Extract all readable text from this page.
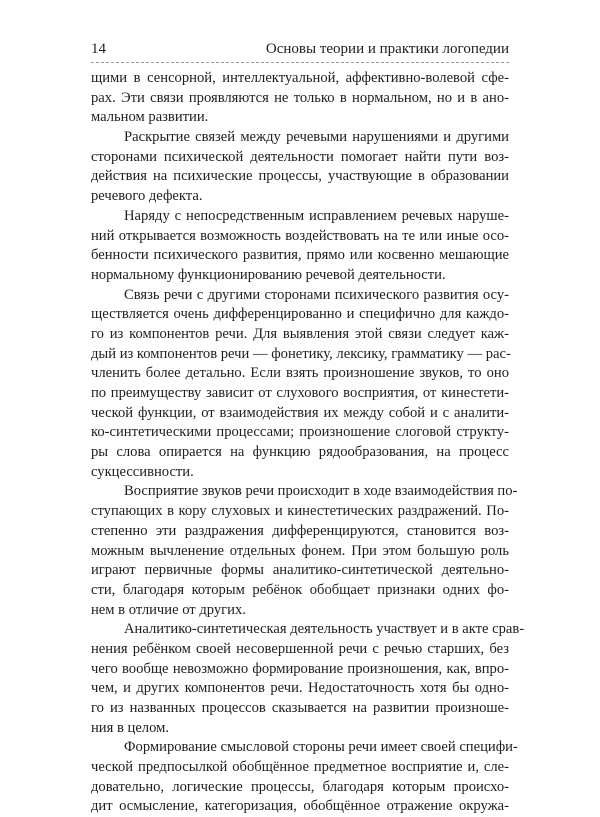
14	Основы теории и практики логопедии
щими в сенсорной, интеллектуальной, аффективно-волевой сфе-
рах. Эти связи проявляются не только в нормальном, но и в ано-
мальном развитии.
Раскрытие связей между речевыми нарушениями и другими
сторонами психической деятельности помогает найти пути воз-
действия на психические процессы, участвующие в образовании
речевого дефекта.
Наряду с непосредственным исправлением речевых наруше-
ний открывается возможность воздействовать на те или иные осо-
бенности психического развития, прямо или косвенно мешающие
нормальному функционированию речевой деятельности.
Связь речи с другими сторонами психического развития осу-
ществляется очень дифференцированно и специфично для каждо-
го из компонентов речи. Для выявления этой связи следует каж-
дый из компонентов речи — фонетику, лексику, грамматику — рас-
членить более детально. Если взять произношение звуков, то оно
по преимуществу зависит от слухового восприятия, от кинестети-
ческой функции, от взаимодействия их между собой и с аналити-
ко-синтетическими процессами; произношение слоговой структу-
ры слова опирается на функцию рядообразования, на процесс
сукцессивности.
Восприятие звуков речи происходит в ходе взаимодействия по-
ступающих в кору слуховых и кинестетических раздражений. По-
степенно эти раздражения дифференцируются, становится воз-
можным вычленение отдельных фонем. При этом большую роль
играют первичные формы аналитико-синтетической деятельно-
сти, благодаря которым ребёнок обобщает признаки одних фо-
нем в отличие от других.
Аналитико-синтетическая деятельность участвует и в акте срав-
нения ребёнком своей несовершенной речи с речью старших, без
чего вообще невозможно формирование произношения, как, впро-
чем, и других компонентов речи. Недостаточность хотя бы одно-
го из названных процессов сказывается на развитии произноше-
ния в целом.
Формирование смысловой стороны речи имеет своей специфи-
ческой предпосылкой обобщённое предметное восприятие и, сле-
довательно, логические процессы, благодаря которым происхо-
дит осмысление, категоризация, обобщённое отражение окружа-
